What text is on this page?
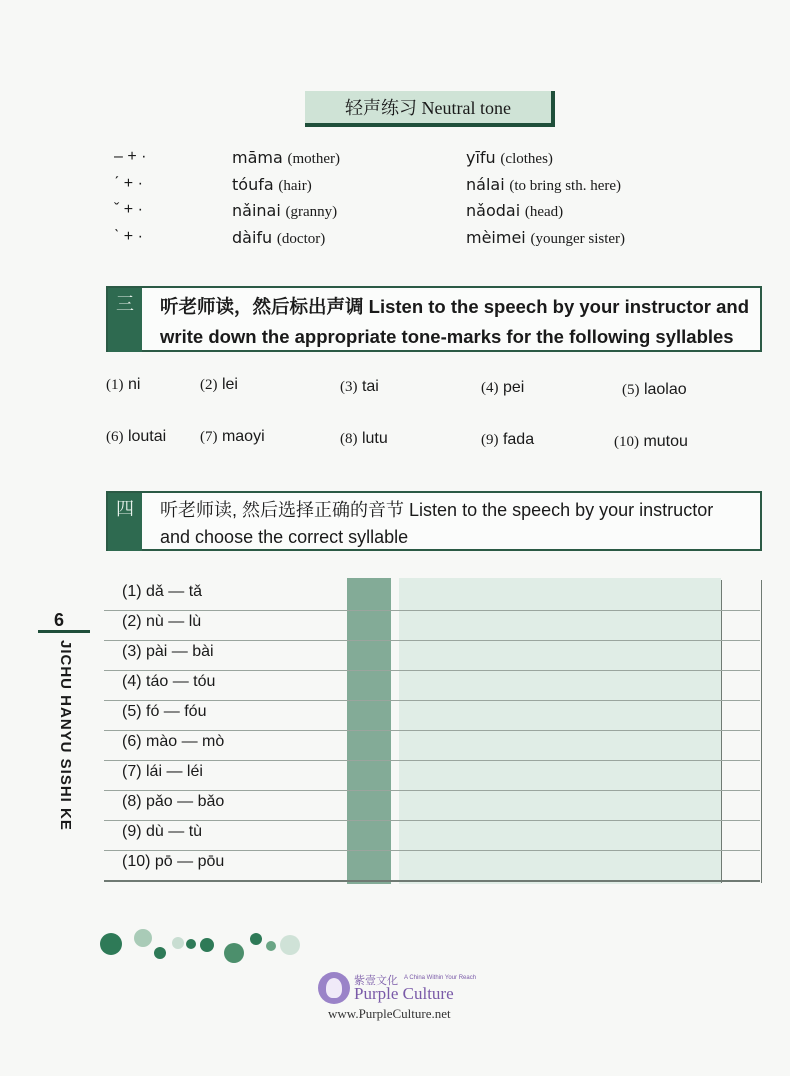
轻声练习 Neutral tone
– + ·	māma (mother)	yīfu (clothes)
ˊ + ·	tóufa (hair)	nálai (to bring sth. here)
ˇ + ·	nǎinai (granny)	nǎodai (head)
ˋ + ·	dàifu (doctor)	mèimei (younger sister)
三	听老师读，然后标出声调 Listen to the speech by your instructor and
write down the appropriate tone-marks for the following syllables
(1) ni	(2) lei	(3) tai	(4) pei	(5) laolao
(6) loutai (7) maoyi	(8) lutu	(9) fada	(10) mutou
四	听老师读, 然后选择正确的音节 Listen to the speech by your instructor
and choose the correct syllable
(1) dǎ — tǎ
(2) nù — lù
(3) pài — bài
(4) táo — tóu
(5) fó — fóu
(6) mào — mò
(7) lái — léi
(8) pǎo — bǎo
(9) dù — tù
(10) pō — pōu
6
JICHU HANYU SISHI KE
紫壹文化 A China Within Your Reach
Purple Culture
www.PurpleCulture.net
